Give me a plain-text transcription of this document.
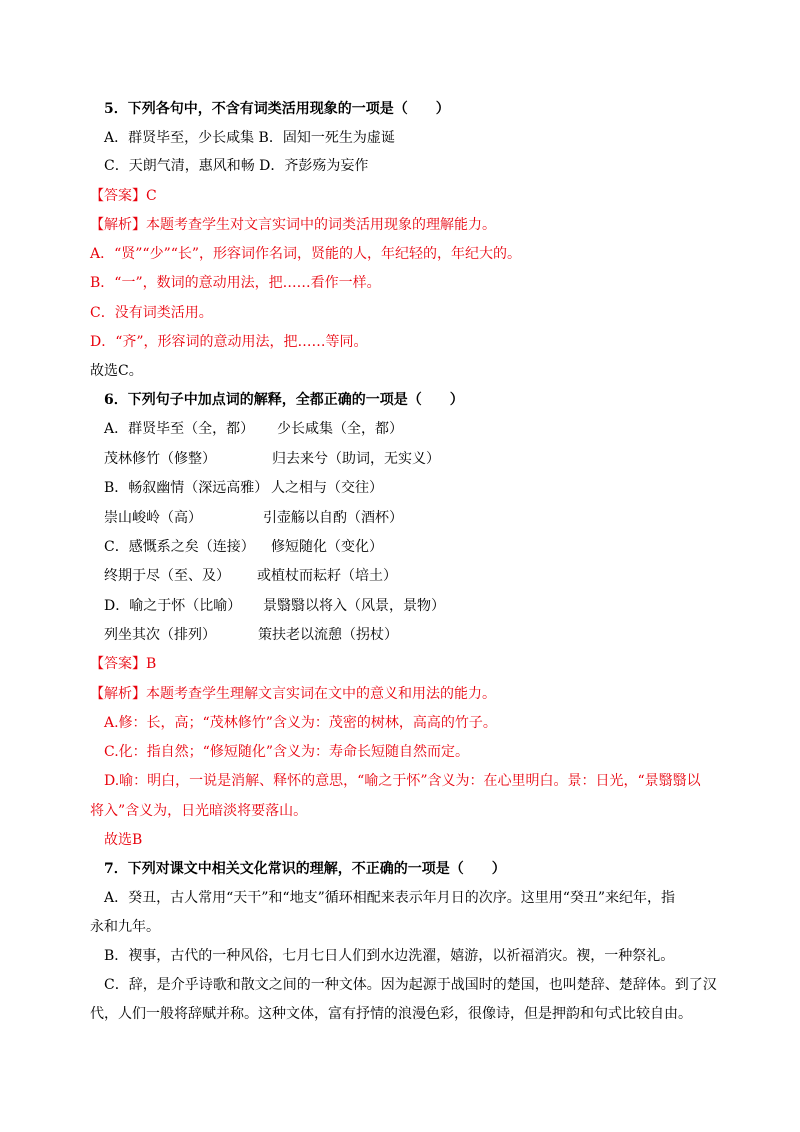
5．下列各句中，不含有词类活用现象的一项是（　　）
A．群贤毕至，少长咸集 B．固知一死生为虚诞
C．天朗气清，惠风和畅 D．齐彭殇为妄作
【答案】C
【解析】本题考查学生对文言实词中的词类活用现象的理解能力。
A．“贤”“少”“长”，形容词作名词，贤能的人，年纪轻的，年纪大的。
B．“一”，数词的意动用法，把……看作一样。
C．没有词类活用。
D．“齐”，形容词的意动用法，把……等同。
故选C。
6．下列句子中加点词的解释，全都正确的一项是（　　）
A．群贤毕至（全，都） 少长咸集（全，都）
茂林修竹（修整）	归去来兮（助词，无实义）
B．畅叙幽情（深远高雅） 人之相与（交往）
崇山峻岭（高）	引壶觞以自酌（酒杯）
C．感慨系之矣（连接） 修短随化（变化）
终期于尽（至、及） 或植杖而耘耔（培土）
D．喻之于怀（比喻） 景翳翳以将入（风景，景物）
列坐其次（排列）	策扶老以流憩（拐杖）
【答案】B
【解析】本题考查学生理解文言实词在文中的意义和用法的能力。
A.修：长，高；“茂林修竹”含义为：茂密的树林，高高的竹子。
C.化：指自然；“修短随化”含义为：寿命长短随自然而定。
D.喻：明白，一说是消解、释怀的意思，“喻之于怀”含义为：在心里明白。景：日光，“景翳翳以
将入”含义为，日光暗淡将要落山。
故选B
7．下列对课文中相关文化常识的理解，不正确的一项是（　　）
A．癸丑，古人常用“天干”和“地支”循环相配来表示年月日的次序。这里用“癸丑”来纪年，指
永和九年。
B．褉事，古代的一种风俗，七月七日人们到水边洗濯，嬉游，以祈福消灾。褉，一种祭礼。
C．辞，是介乎诗歌和散文之间的一种文体。因为起源于战国时的楚国，也叫楚辞、楚辞体。到了汉
代，人们一般将辞赋并称。这种文体，富有抒情的浪漫色彩，很像诗，但是押韵和句式比较自由。
